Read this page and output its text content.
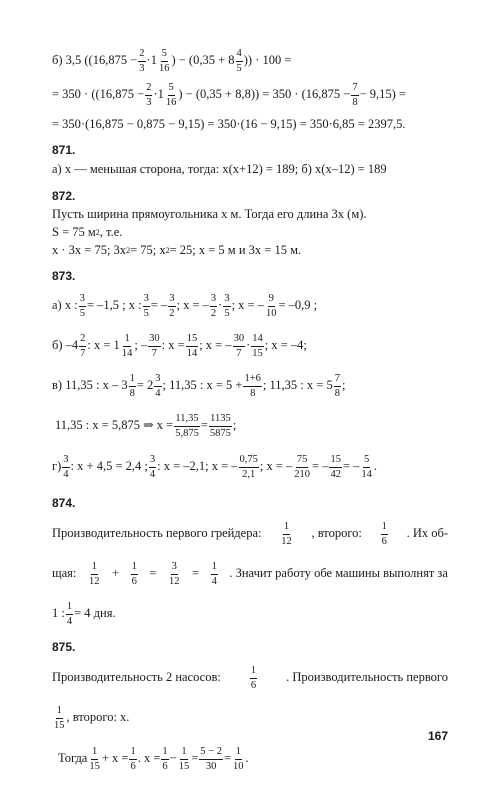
б) 3,5 (($16,875 - \frac{2}{3} \cdot 1 \frac{5}{16}$ ) − ($0,35 + 8 \frac{4}{5}$ )) · 100 =
= $350 \cdot ((16,875 - \frac{2}{3} \cdot 1 \frac{5}{16}$ ) − $(0,35 + 8,8)) = 350 \cdot (16,875 - \frac{7}{8} - 9,15)$ =
= 350·(16,875 − 0,875 − 9,15) = 350·(16 − 9,15) = 350·6,85 = 2397,5.
871.
а) x — меньшая сторона, тогда: x(x+12) = 189; б) x(x–12) = 189
872.
Пусть ширина прямоугольника x м. Тогда его длина 3x (м).
S = 75 м 2 , т.е.
x · 3x = 75; 3x 2 = 75; x 2 = 25; x = 5 м и 3x = 15 м.
873.
а) x : $\frac{3}{5} = -1,5$ ; x : $\frac{3}{5}$ = – $\frac{3}{2}$ ; x = – $\frac{3}{2} \cdot \frac{3}{5}$ ; x = – $\frac{9}{10} = -0,9$ ;
б) $-4 \frac{2}{7}$ : $x = 1 \frac{1}{14}$ ; – $\frac{30}{7}$ : $x = \frac{15}{14}$ ; x = – $\frac{30}{7} \cdot \frac{14}{15}$ ; x = –4;
в) 11,35 : $x - 3 \frac{1}{8} = 2 \frac{3}{4}$ ; 11,35 : $x = 5 + \frac{1+6}{8}$ ; 11,35 : $x = 5 \frac{7}{8}$ ;
11,35 : x = 5,875 ⇒ $x = \frac{11,35}{5,875} = \frac{1135}{5875}$ ;
$г) \frac{3}{4}$ : x + 4,5 = 2,4 ; $\frac{3}{4}$ : x = –2,1; x = – $\frac{0,75}{2,1}$ ; x = – $\frac{75}{210}$ = – $\frac{15}{42}$ = – $\frac{5}{14}$ .
874.
Производительность первого грейдера: $\frac{1}{12}$ , второго: $\frac{1}{6}$ . Их об-
щая: $\frac{1}{12} + \frac{1}{6} = \frac{3}{12} = \frac{1}{4}$ . Значит работу обе машины выполнят за
1 : $\frac{1}{4} = 4$ дня.
875.
Производительность 2 насосов:	$\frac{1}{6}$ . Производительность первого
$\frac{1}{15}$ , второго: x.
Тогда $\frac{1}{15} + x = \frac{1}{6}$ . $x = \frac{1}{6} - \frac{1}{15} = \frac{5 - 2}{30} = \frac{1}{10}$ .
167
